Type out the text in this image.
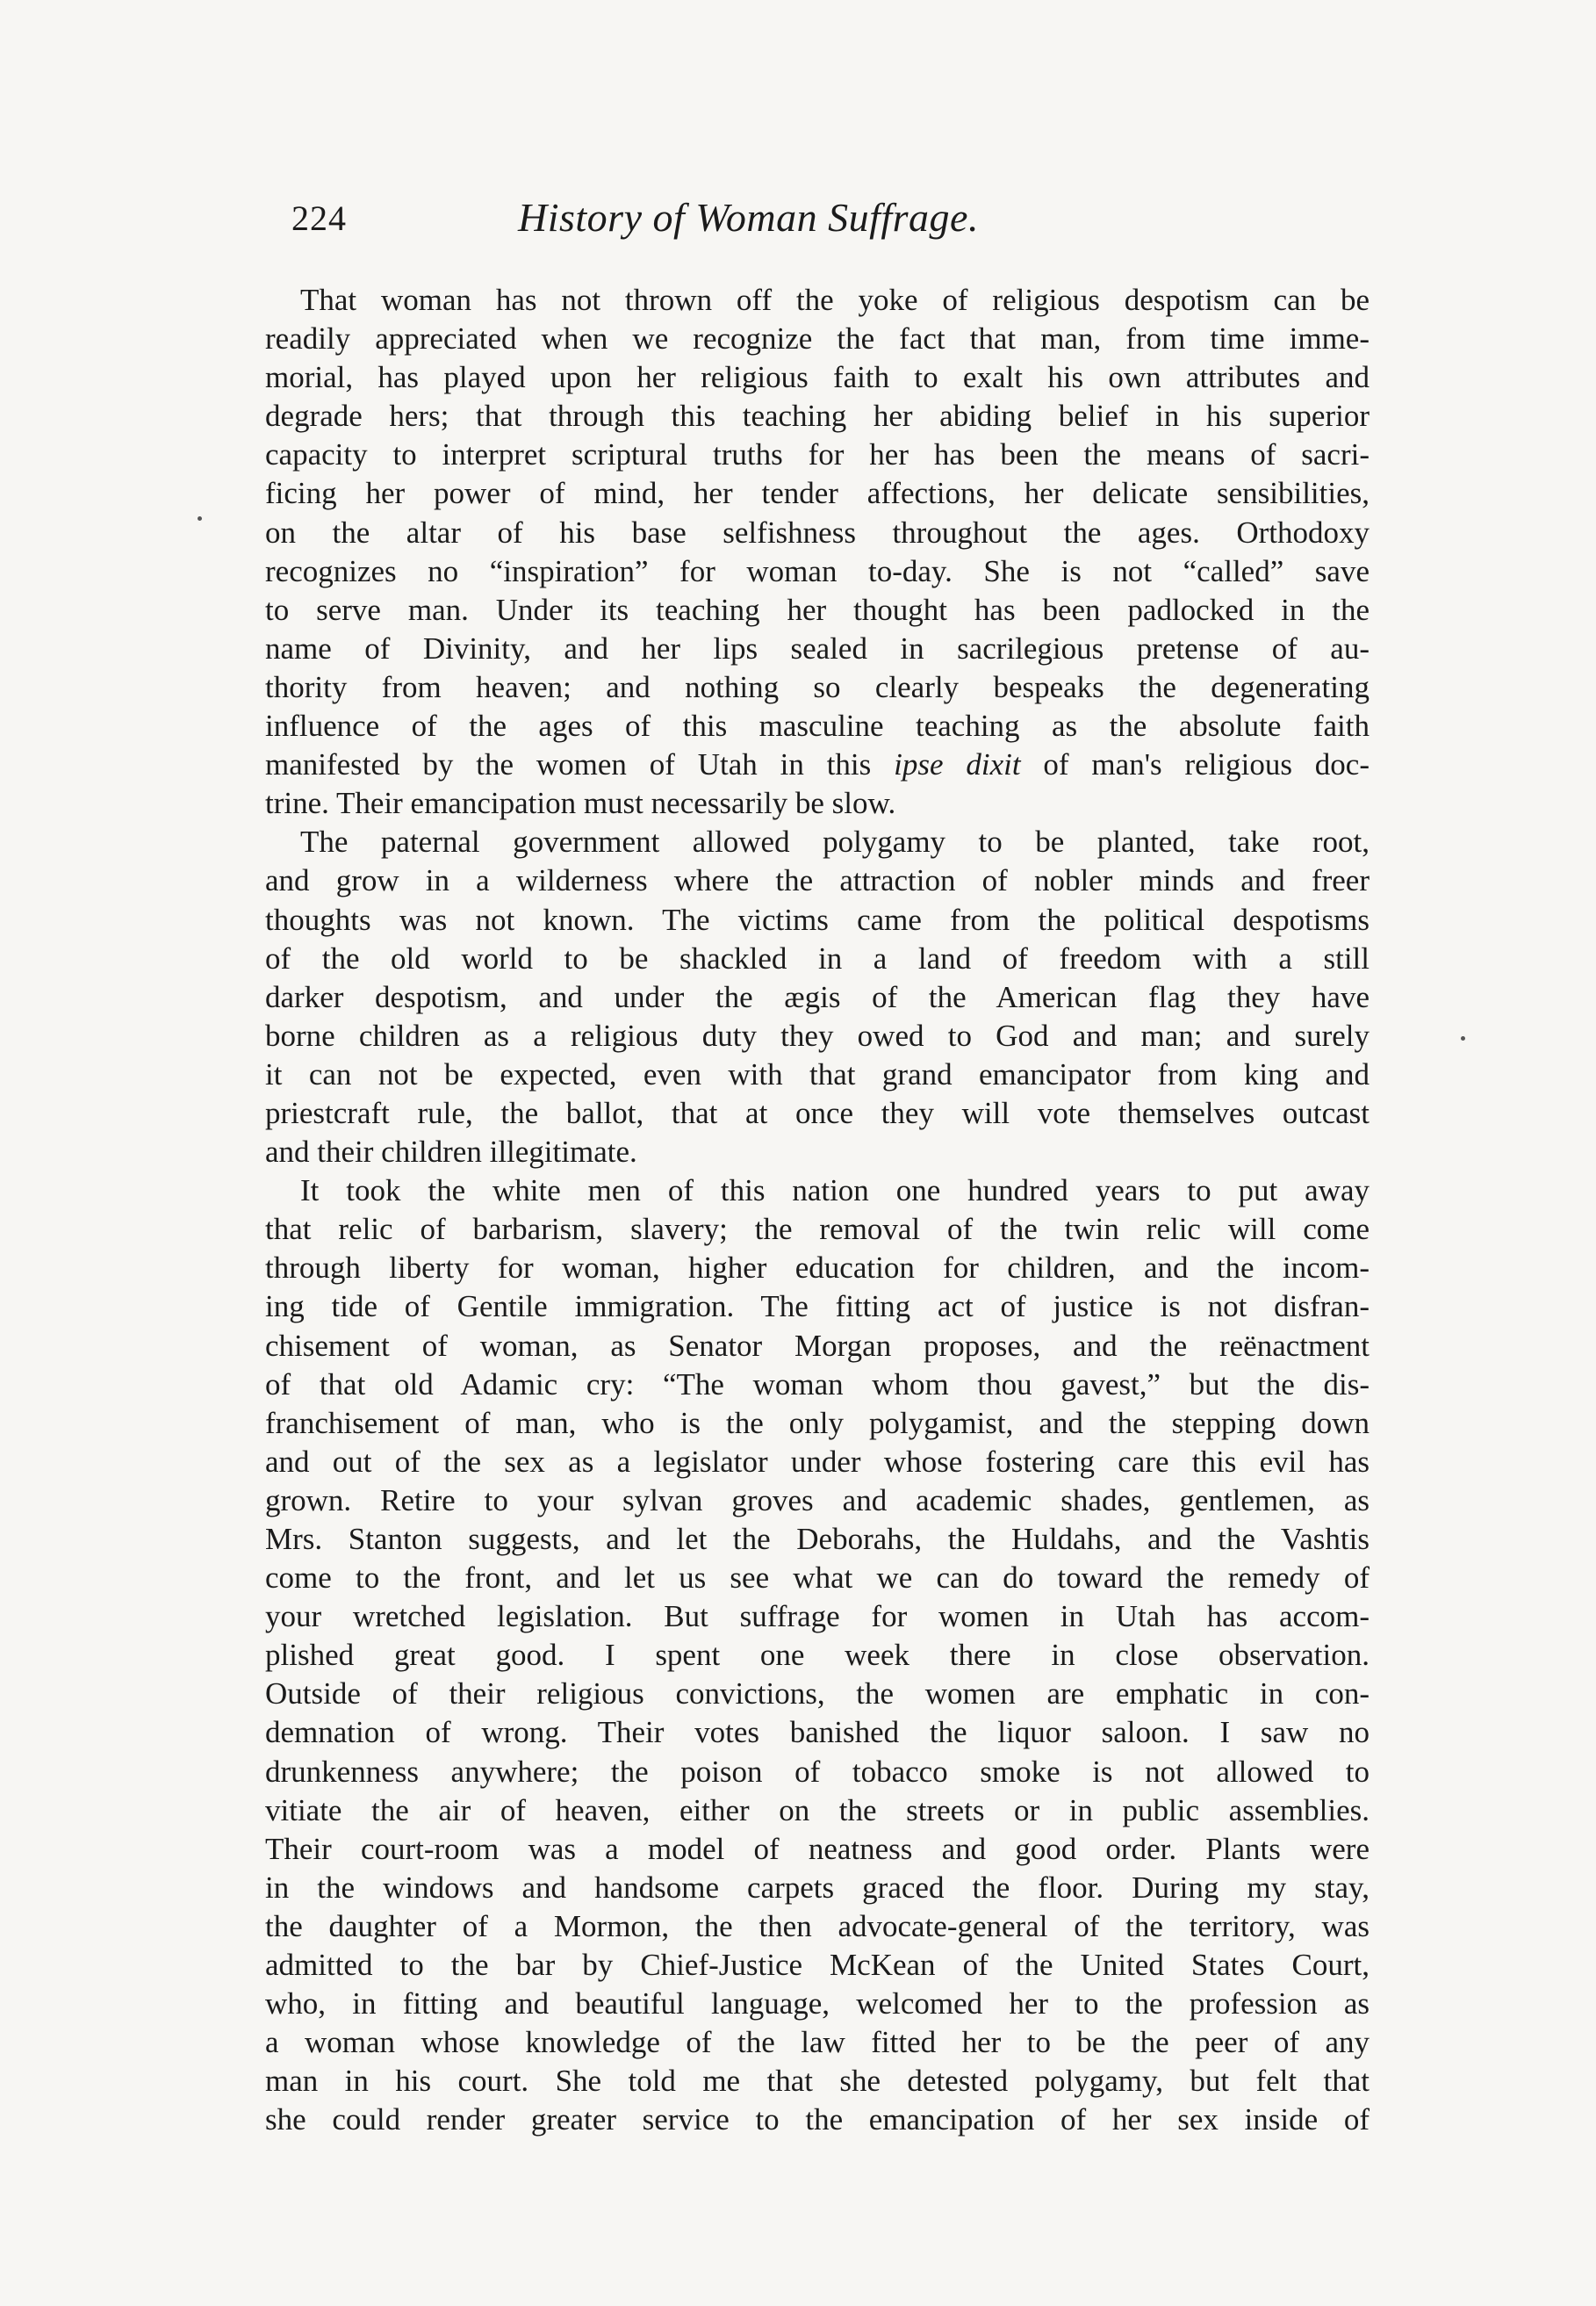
224	History of Woman Suffrage.
That woman has not thrown off the yoke of religious despotism can be
readily appreciated when we recognize the fact that man, from time imme-
morial, has played upon her religious faith to exalt his own attributes and
degrade hers; that through this teaching her abiding belief in his superior
capacity to interpret scriptural truths for her has been the means of sacri-
ficing her power of mind, her tender affections, her delicate sensibilities,
on the altar of his base selfishness throughout the ages. Orthodoxy
recognizes no “inspiration” for woman to-day. She is not “called” save
to serve man. Under its teaching her thought has been padlocked in the
name of Divinity, and her lips sealed in sacrilegious pretense of au-
thority from heaven; and nothing so clearly bespeaks the degenerating
influence of the ages of this masculine teaching as the absolute faith
manifested by the women of Utah in this ipse dixit of man's religious doc-
trine. Their emancipation must necessarily be slow.
The paternal government allowed polygamy to be planted, take root,
and grow in a wilderness where the attraction of nobler minds and freer
thoughts was not known. The victims came from the political despotisms
of the old world to be shackled in a land of freedom with a still
darker despotism, and under the ægis of the American flag they have
borne children as a religious duty they owed to God and man; and surely
it can not be expected, even with that grand emancipator from king and
priestcraft rule, the ballot, that at once they will vote themselves outcast
and their children illegitimate.
It took the white men of this nation one hundred years to put away
that relic of barbarism, slavery; the removal of the twin relic will come
through liberty for woman, higher education for children, and the incom-
ing tide of Gentile immigration. The fitting act of justice is not disfran-
chisement of woman, as Senator Morgan proposes, and the reënactment
of that old Adamic cry: “The woman whom thou gavest,” but the dis-
franchisement of man, who is the only polygamist, and the stepping down
and out of the sex as a legislator under whose fostering care this evil has
grown. Retire to your sylvan groves and academic shades, gentlemen, as
Mrs. Stanton suggests, and let the Deborahs, the Huldahs, and the Vashtis
come to the front, and let us see what we can do toward the remedy of
your wretched legislation. But suffrage for women in Utah has accom-
plished great good. I spent one week there in close observation.
Outside of their religious convictions, the women are emphatic in con-
demnation of wrong. Their votes banished the liquor saloon. I saw no
drunkenness anywhere; the poison of tobacco smoke is not allowed to
vitiate the air of heaven, either on the streets or in public assemblies.
Their court-room was a model of neatness and good order. Plants were
in the windows and handsome carpets graced the floor. During my stay,
the daughter of a Mormon, the then advocate-general of the territory, was
admitted to the bar by Chief-Justice McKean of the United States Court,
who, in fitting and beautiful language, welcomed her to the profession as
a woman whose knowledge of the law fitted her to be the peer of any
man in his court. She told me that she detested polygamy, but felt that
she could render greater service to the emancipation of her sex inside of
